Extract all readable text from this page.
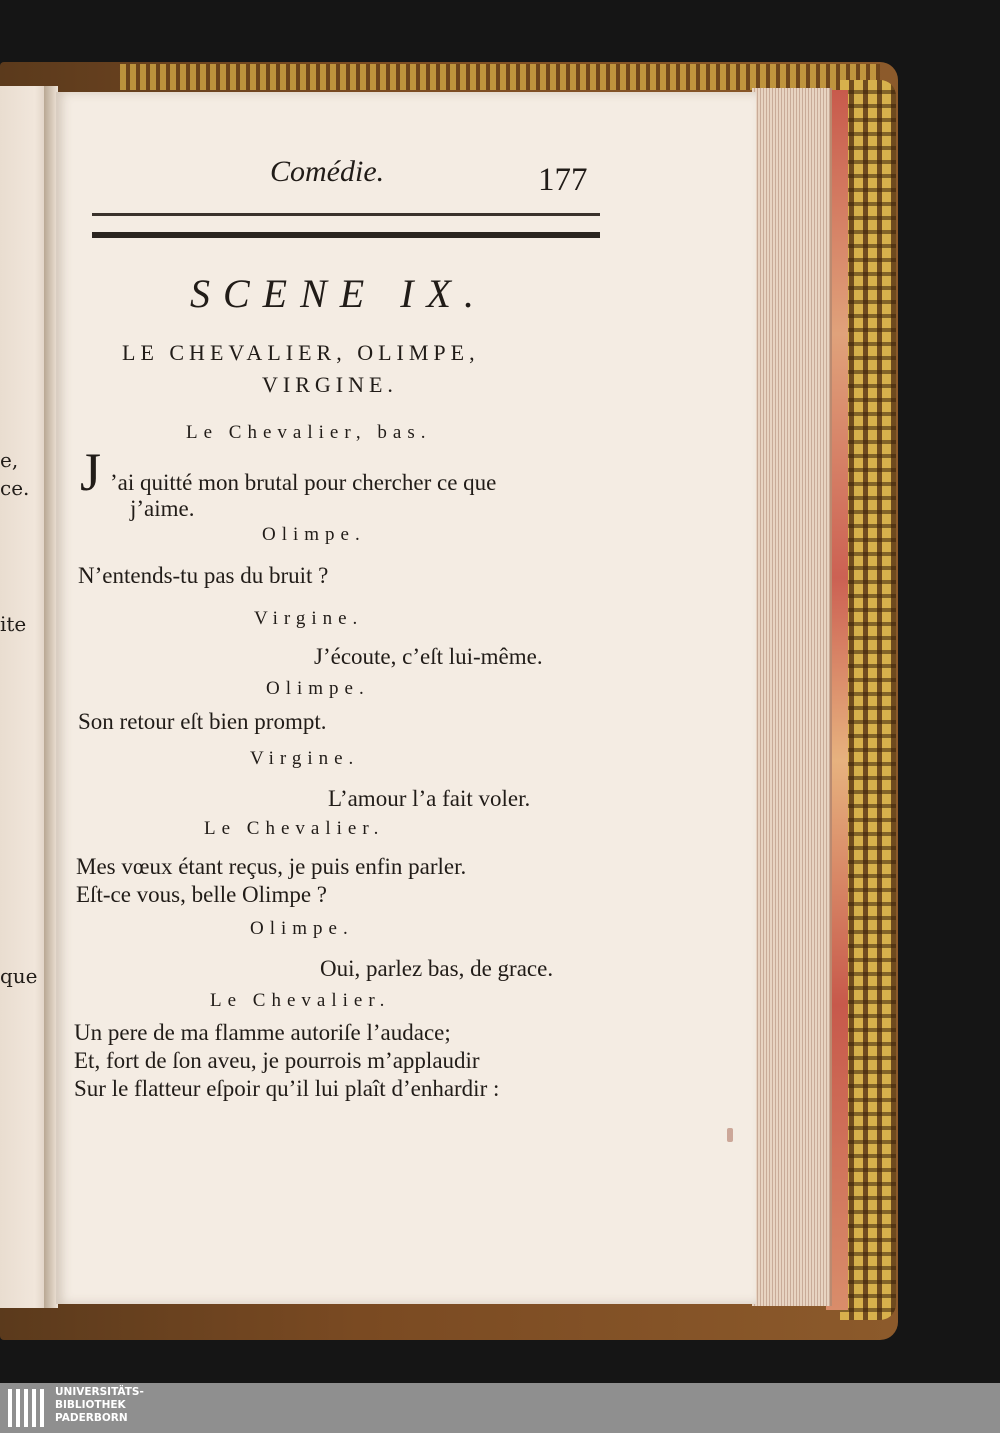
e,
ce.
ite
que
Comédie.	177
SCENE IX.
LE CHEVALIER, OLIMPE,
VIRGINE.
Le Chevalier, bas.
J ’ai quitté mon brutal pour chercher ce que
j’aime.
Olimpe.
N’entends-tu pas du bruit ?
Virgine.
J’écoute, c’eſt lui-même.
Olimpe.
Son retour eſt bien prompt.
Virgine.
L’amour l’a fait voler.
Le Chevalier.
Mes vœux étant reçus, je puis enfin parler.
Eſt-ce vous, belle Olimpe ?
Olimpe.
Oui, parlez bas, de grace.
Le Chevalier.
Un pere de ma flamme autoriſe l’audace;
Et, fort de ſon aveu, je pourrois m’applaudir
Sur le flatteur eſpoir qu’il lui plaît d’enhardir :
UNIVERSITÄTS-
BIBLIOTHEK
PADERBORN
